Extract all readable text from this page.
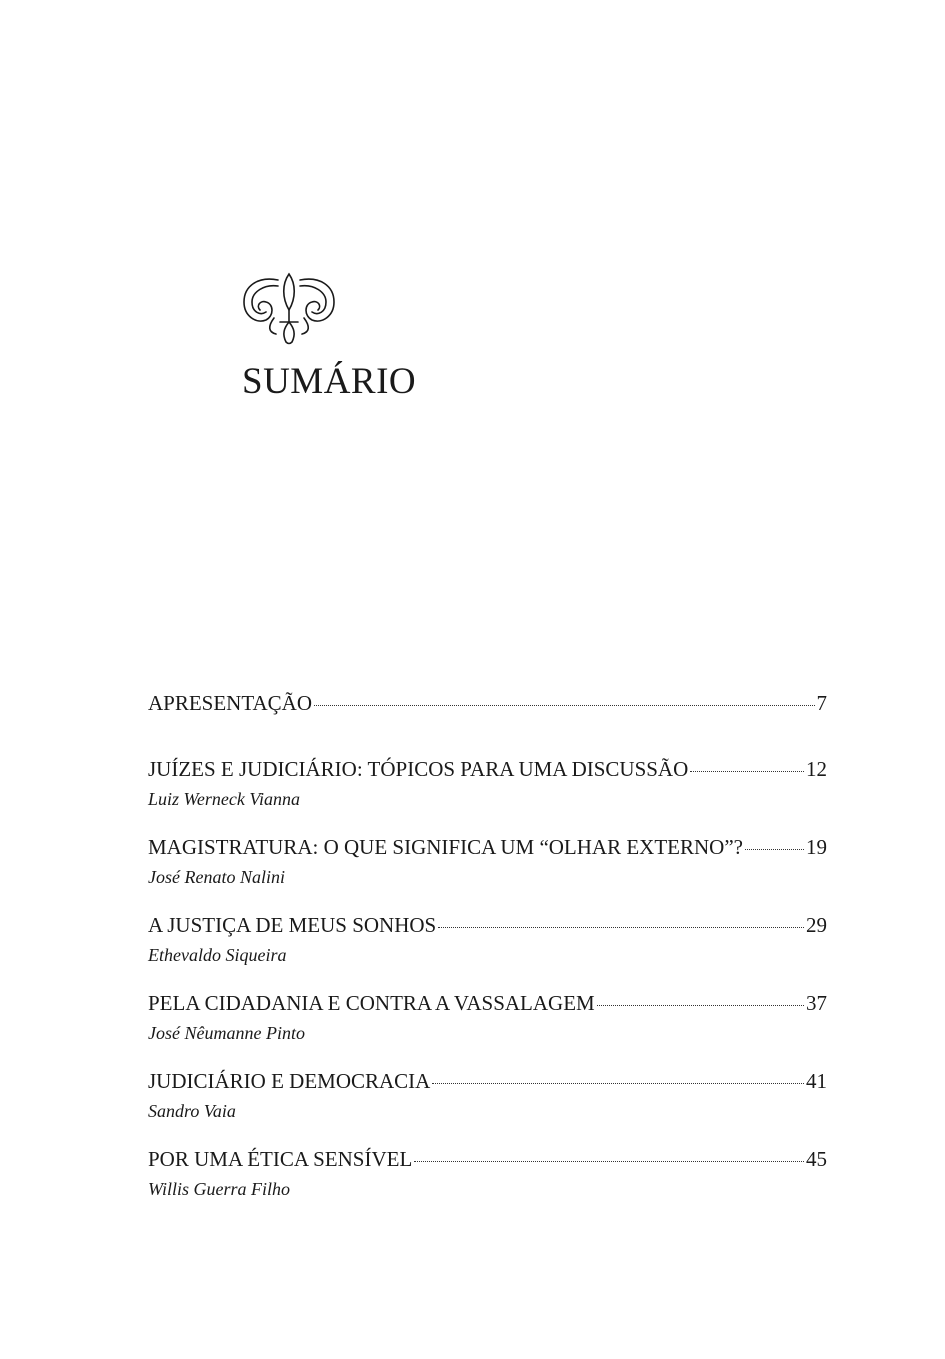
SUMÁRIO
APRESENTAÇÃO	7
JUÍZES E JUDICIÁRIO: TÓPICOS PARA UMA DISCUSSÃO	12
Luiz Werneck Vianna
MAGISTRATURA: O QUE SIGNIFICA UM “OLHAR EXTERNO”?	19
José Renato Nalini
A JUSTIÇA DE MEUS SONHOS	29
Ethevaldo Siqueira
PELA CIDADANIA E CONTRA A VASSALAGEM	37
José Nêumanne Pinto
JUDICIÁRIO E DEMOCRACIA	41
Sandro Vaia
POR UMA ÉTICA SENSÍVEL	45
Willis Guerra Filho
